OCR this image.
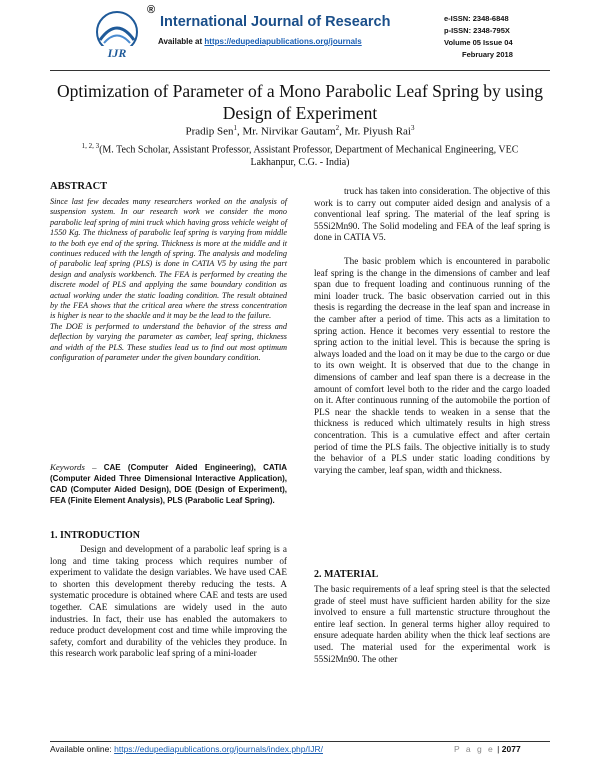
IJR
®
International Journal of Research
Available at https://edupediapublications.org/journals
e-ISSN: 2348-6848
p-ISSN: 2348-795X
Volume 05 Issue 04
February 2018
Optimization of Parameter of a Mono Parabolic Leaf Spring by using Design of Experiment
Pradip Sen$^1$, Mr. Nirvikar Gautam$^2$, Mr. Piyush Rai$^3$
$^{1, 2, 3}$(M. Tech Scholar, Assistant Professor, Assistant Professor, Department of Mechanical Engineering, VEC Lakhanpur, C.G. - India)
ABSTRACT

Since last few decades many researchers worked on the analysis of suspension system. In our research work we consider the mono parabolic leaf spring of mini truck which having gross vehicle weight of 1550 Kg. The thickness of parabolic leaf spring is varying from middle to the both eye end of the spring. Thickness is more at the middle and it continues reduced with the length of spring. The analysis and modeling of parabolic leaf spring (PLS) is done in CATIA V5 by using the part design and analysis workbench. The FEA is performed by creating the discrete model of PLS and applying the same boundary condition as actual working under the static loading condition. The result obtained by the FEA shows that the critical area where the stress concentration is higher is near to the shackle and it may be the lead to the failure.

The DOE is performed to understand the behavior of the stress and deflection by varying the parameter as camber, leaf spring, thickness and width of the PLS. These studies lead us to find out most optimum configuration of parameter under the given boundary condition.

Keywords – CAE (Computer Aided Engineering), CATIA (Computer Aided Three Dimensional Interactive Application), CAD (Computer Aided Design), DOE (Design of Experiment), FEA (Finite Element Analysis), PLS (Parabolic Leaf Spring).
1. INTRODUCTION

Design and development of a parabolic leaf spring is a long and time taking process which requires number of experiment to validate the design variables. We have used CAE to shorten this development thereby reducing the tests. A systematic procedure is obtained where CAE and tests are used together. CAE simulations are widely used in the auto industries. In fact, their use has enabled the automakers to reduce product development cost and time while improving the safety, comfort and durability of the vehicles they produce. In this research work parabolic leaf spring of a mini-loader

truck has taken into consideration. The objective of this work is to carry out computer aided design and analysis of a conventional leaf spring. The material of the leaf spring is 55Si2Mn90. The Solid modeling and FEA of the leaf spring is done in CATIA V5.

The basic problem which is encountered in parabolic leaf spring is the change in the dimensions of camber and leaf span due to frequent loading and continuous running of the mini loader truck. The basic observation carried out in this thesis is regarding the decrease in the leaf span and increase in the camber after a period of time. This acts as a limitation to spring action. Hence it becomes very essential to restore the spring action to the initial level. This is because the spring is always loaded and the load on it may be due to the cargo or due to its own weight. It is observed that due to the change in dimensions of camber and leaf span there is a decrease in the amount of comfort level both to the rider and the cargo loaded on it. After continuous running of the automobile the portion of PLS near the shackle tends to weaken in a sense that the thickness is reduced which ultimately results in high stress concentration. This is a cumulative effect and after certain period of time the PLS fails. The objective initially is to study the behavior of a PLS under static loading conditions by varying the camber, leaf span, width and thickness.

2. MATERIAL

The basic requirements of a leaf spring steel is that the selected grade of steel must have sufficient harden ability for the size involved to ensure a full martenstic structure throughout the entire leaf section. In general terms higher alloy required to ensure adequate harden ability when the thick leaf sections are used. The material used for the experimental work is 55Si2Mn90. The other

Available online: https://edupediapublications.org/journals/index.php/IJR/	P a g e | 2077
